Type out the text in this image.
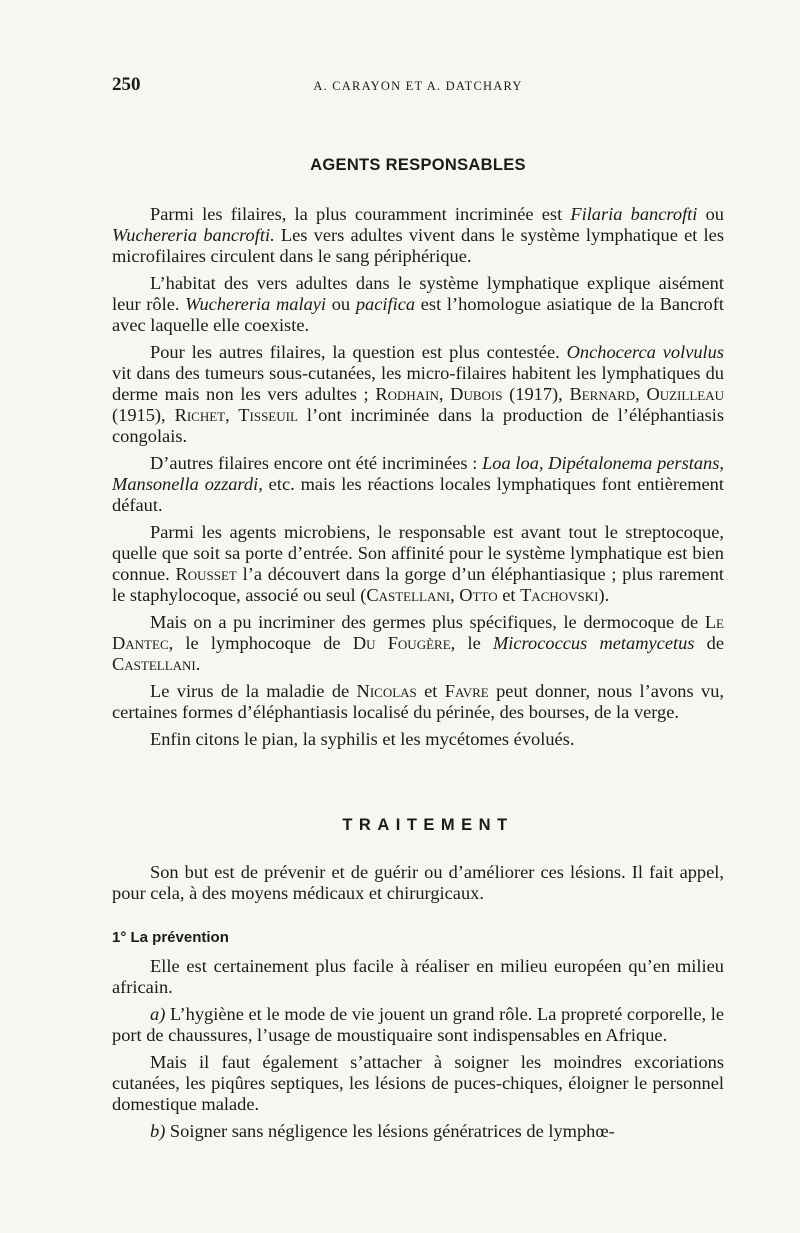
250	A. CARAYON ET A. DATCHARY
AGENTS RESPONSABLES

Parmi les filaires, la plus couramment incriminée est Filaria bancrofti ou Wuchereria bancrofti. Les vers adultes vivent dans le système lymphatique et les microfilaires circulent dans le sang périphérique.

L’habitat des vers adultes dans le système lymphatique explique aisément leur rôle. Wuchereria malayi ou pacifica est l’homologue asiatique de la Bancroft avec laquelle elle coexiste.

Pour les autres filaires, la question est plus contestée. Onchocerca volvulus vit dans des tumeurs sous-cutanées, les micro-filaires habitent les lymphatiques du derme mais non les vers adultes ; Rodhain, Dubois (1917), Bernard, Ouzilleau (1915), Richet, Tisseuil l’ont incriminée dans la production de l’éléphantiasis congolais.

D’autres filaires encore ont été incriminées : Loa loa, Dipétalonema perstans, Mansonella ozzardi, etc. mais les réactions locales lymphatiques font entièrement défaut.

Parmi les agents microbiens, le responsable est avant tout le streptocoque, quelle que soit sa porte d’entrée. Son affinité pour le système lymphatique est bien connue. Rousset l’a découvert dans la gorge d’un éléphantiasique ; plus rarement le staphylocoque, associé ou seul (Castellani, Otto et Tachovski).

Mais on a pu incriminer des germes plus spécifiques, le dermocoque de Le Dantec, le lymphocoque de Du Fougère, le Micrococcus metamycetus de Castellani.

Le virus de la maladie de Nicolas et Favre peut donner, nous l’avons vu, certaines formes d’éléphantiasis localisé du périnée, des bourses, de la verge.

Enfin citons le pian, la syphilis et les mycétomes évolués.

TRAITEMENT

Son but est de prévenir et de guérir ou d’améliorer ces lésions. Il fait appel, pour cela, à des moyens médicaux et chirurgicaux.

1° La prévention

Elle est certainement plus facile à réaliser en milieu européen qu’en milieu africain.

a) L’hygiène et le mode de vie jouent un grand rôle. La propreté corporelle, le port de chaussures, l’usage de moustiquaire sont indispensables en Afrique.

Mais il faut également s’attacher à soigner les moindres excoriations cutanées, les piqûres septiques, les lésions de puces-chiques, éloigner le personnel domestique malade.

b) Soigner sans négligence les lésions génératrices de lymphœ-
